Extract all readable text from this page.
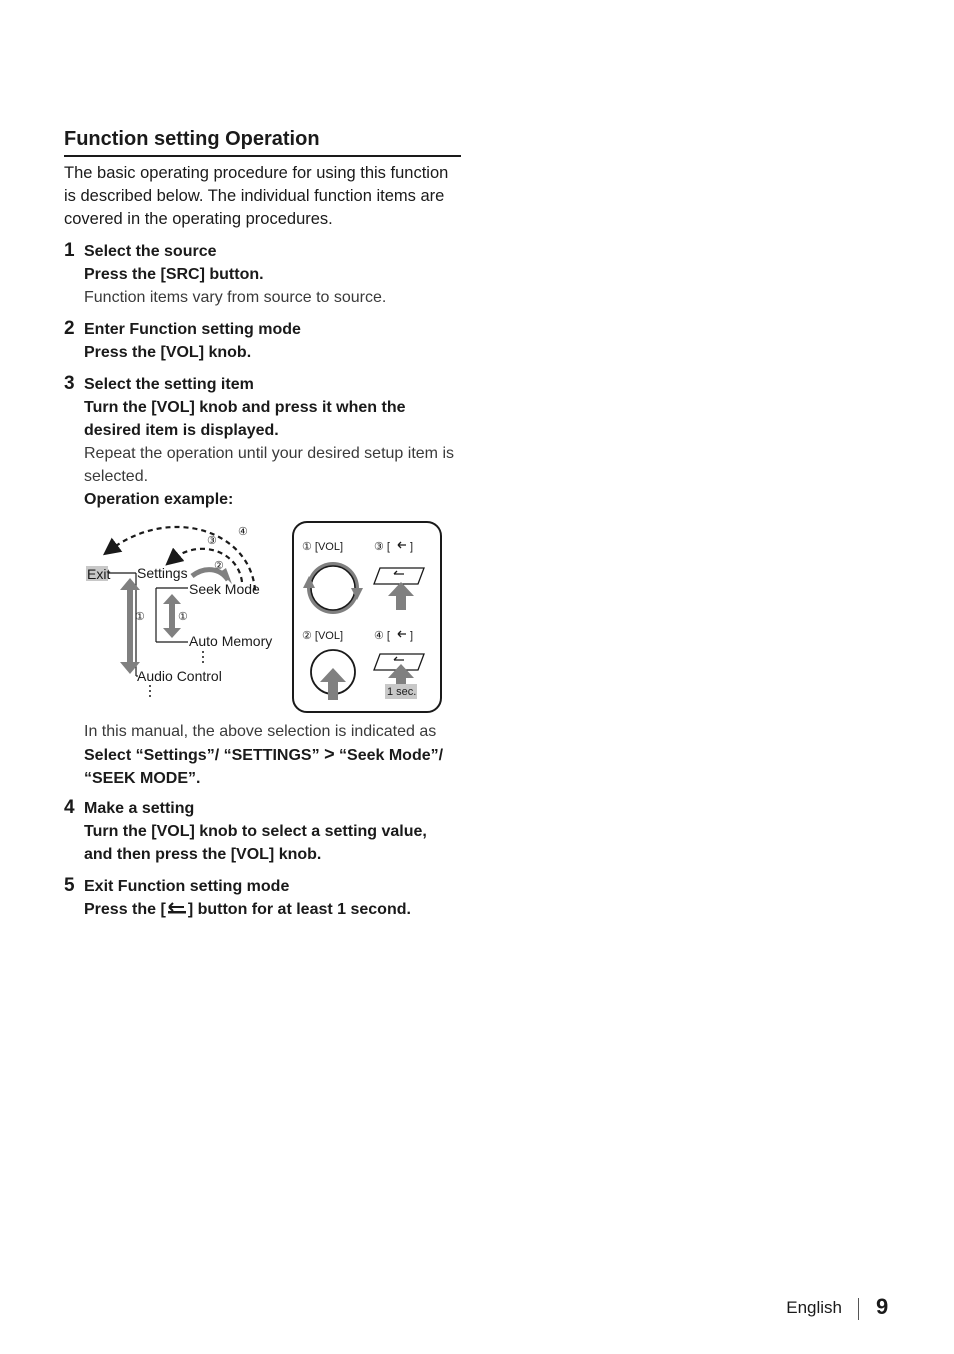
Function setting Operation
The basic operating procedure for using this function is described below. The individual function items are covered in the operating procedures.
1 Select the source
Press the [SRC] button.
Function items vary from source to source.
2 Enter Function setting mode
Press the [VOL] knob.
3 Select the setting item
Turn the [VOL] knob and press it when the desired item is displayed.
Repeat the operation until your desired setup item is selected.
Operation example:
Exit Settings
Seek Mode
Auto Memory
Audio Control
①	①
②
③
④
① [VOL]	③ [ ]
② [VOL]	④ [ ]
1 sec.
In this manual, the above selection is indicated as
Select “Settings”/ “SETTINGS” > “Seek Mode”/ “SEEK MODE”.
4 Make a setting
Turn the [VOL] knob to select a setting value, and then press the [VOL] knob.
5 Exit Function setting mode
Press the [ ] button for at least 1 second.
English 9
